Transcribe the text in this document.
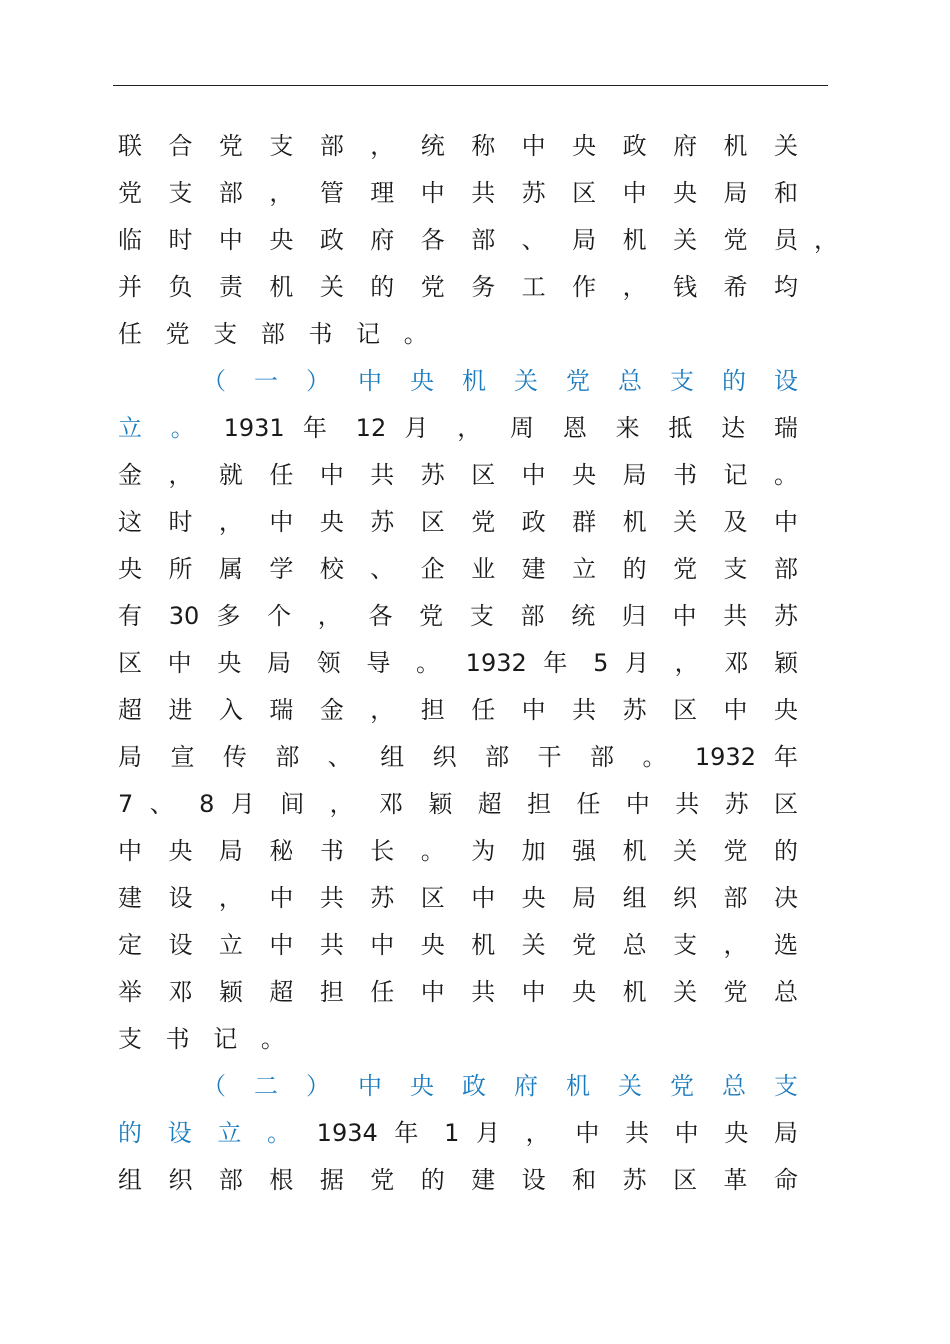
联 合 党 支 部 ， 统 称 中 央 政 府 机 关
党 支 部 ， 管 理 中 共 苏 区 中 央 局 和
临 时 中 央 政 府 各 部 、 局 机 关 党 员 ，
并 负 责 机 关 的 党 务 工 作 ， 钱 希 均
任 党 支 部 书 记 。
（ 一 ） 中 央 机 关 党 总 支 的 设
立 。 1931 年 12 月 ， 周 恩 来 抵 达 瑞
金 ， 就 任 中 共 苏 区 中 央 局 书 记 。
这 时 ， 中 央 苏 区 党 政 群 机 关 及 中
央 所 属 学 校 、 企 业 建 立 的 党 支 部
有 30 多 个 ， 各 党 支 部 统 归 中 共 苏
区 中 央 局 领 导 。 1932 年 5 月 ， 邓 颖
超 进 入 瑞 金 ， 担 任 中 共 苏 区 中 央
局 宣 传 部 、 组 织 部 干 部 。 1932 年
7 、 8 月 间 ， 邓 颖 超 担 任 中 共 苏 区
中 央 局 秘 书 长 。 为 加 强 机 关 党 的
建 设 ， 中 共 苏 区 中 央 局 组 织 部 决
定 设 立 中 共 中 央 机 关 党 总 支 ， 选
举 邓 颖 超 担 任 中 共 中 央 机 关 党 总
支 书 记 。
（ 二 ） 中 央 政 府 机 关 党 总 支
的 设 立 。 1934 年 1 月 ， 中 共 中 央 局
组 织 部 根 据 党 的 建 设 和 苏 区 革 命
